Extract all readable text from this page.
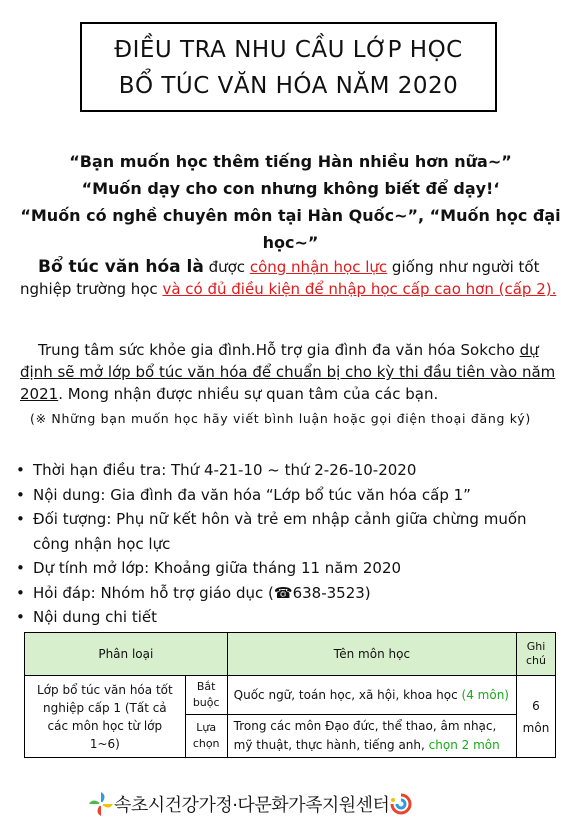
ĐIỀU TRA NHU CẦU LỚP HỌC
BỔ TÚC VĂN HÓA NĂM 2020
“Bạn muốn học thêm tiếng Hàn nhiều hơn nữa~”
“Muốn dạy cho con nhưng không biết để dạy!‘
“Muốn có nghề chuyên môn tại Hàn Quốc~”, “Muốn học đại học~”
Bổ túc văn hóa là được công nhận học lực giống như người tốt nghiệp trường học và có đủ điều kiện để nhập học cấp cao hơn (cấp 2).
Trung tâm sức khỏe gia đình.Hỗ trợ gia đình đa văn hóa Sokcho dự định sẽ mở lớp bổ túc văn hóa để chuẩn bị cho kỳ thi đầu tiên vào năm 2021. Mong nhận được nhiều sự quan tâm của các bạn.
(※ Những bạn muốn học hãy viết bình luận hoặc gọi điện thoại đăng ký)
• Thời hạn điều tra: Thứ 4-21-10 ~ thứ 2-26-10-2020
• Nội dung: Gia đình đa văn hóa “Lớp bổ túc văn hóa cấp 1”
• Đối tượng: Phụ nữ kết hôn và trẻ em nhập cảnh giữa chừng muốn công nhận học lực
• Dự tính mở lớp: Khoảng giữa tháng 11 năm 2020
• Hỏi đáp: Nhóm hỗ trợ giáo dục (☎638-3523)
• Nội dung chi tiết
Phân loại		Tên môn học	Ghi chú
Lớp bổ túc văn hóa tốt nghiệp cấp 1 (Tất cả các môn học từ lớp 1~6)	Bắt buộc	Quốc ngữ, toán học, xã hội, khoa học (4 môn)	6 môn
	Lựa chọn	Trong các môn Đạo đức, thể thao, âm nhạc, mỹ thuật, thực hành, tiếng anh, chọn 2 môn	
속초시건강가정·다문화가족지원센터
